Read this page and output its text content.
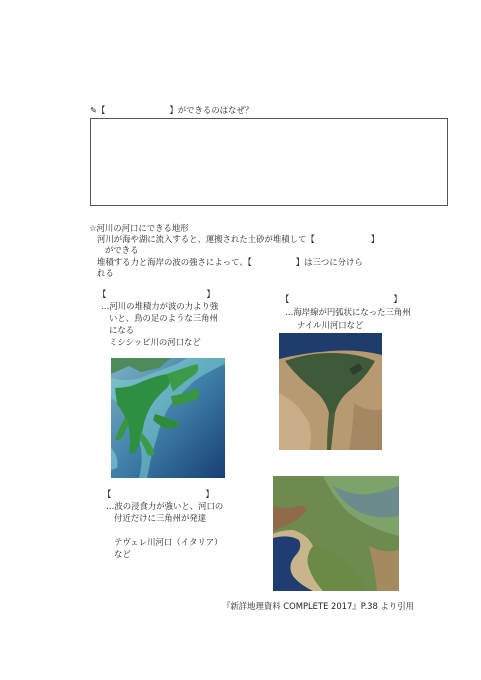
✎【	】ができるのはなぜ？
☆河川の河口にできる地形
河川が海や湖に流入すると、運搬された土砂が堆積して【	】
ができる
堆積する力と海岸の波の強さによって、【	】は三つに分けら
れる
【	】
…河川の堆積力が波の力より強
いと、鳥の足のような三角州
になる
ミシシッピ川の河口など
【	】
…海岸線が円弧状になった三角州
ナイル川河口など
【	】
…波の浸食力が強いと、河口の
付近だけに三角州が発達
テヴェレ川河口（イタリア）
など
『新詳地理資料 COMPLETE 2017』P.38 より引用
